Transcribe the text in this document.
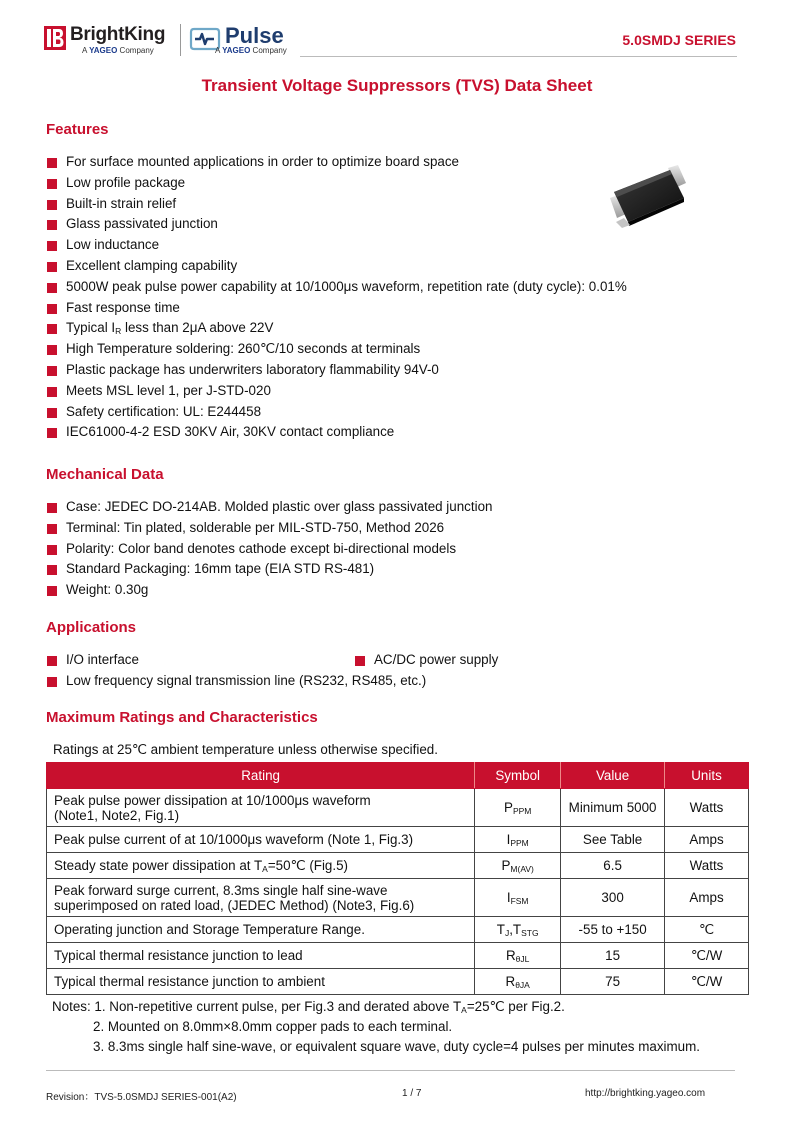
BrightKing
A YAGEO Company
Pulse
A YAGEO Company
5.0SMDJ SERIES
Transient Voltage Suppressors (TVS) Data Sheet
Features
For surface mounted applications in order to optimize board space
Low profile package
Built-in strain relief
Glass passivated junction
Low inductance
Excellent clamping capability
5000W peak pulse power capability at 10/1000μs waveform, repetition rate (duty cycle): 0.01%
Fast response time
Typical $I_R$ less than 2μA above 22V
High Temperature soldering: 260℃/10 seconds at terminals
Plastic package has underwriters laboratory flammability 94V-0
Meets MSL level 1, per J-STD-020
Safety certification: UL: E244458
IEC61000-4-2 ESD 30KV Air, 30KV contact compliance
Mechanical Data
Case: JEDEC DO-214AB. Molded plastic over glass passivated junction
Terminal: Tin plated, solderable per MIL-STD-750, Method 2026
Polarity: Color band denotes cathode except bi-directional models
Standard Packaging: 16mm tape (EIA STD RS-481)
Weight: 0.30g
Applications
I/O interface	AC/DC power supply
Low frequency signal transmission line (RS232, RS485, etc.)
Maximum Ratings and Characteristics
Ratings at 25℃ ambient temperature unless otherwise specified.
Rating	Symbol	Value	Units
Peak pulse power dissipation at 10/1000μs waveform
(Note1, Note2, Fig.1)	$P_{PPM}$	Minimum 5000	Watts
Peak pulse current of at 10/1000μs waveform (Note 1, Fig.3)	$I_{PPM}$	See Table	Amps
Steady state power dissipation at $T_A=50℃$ (Fig.5)	$P_{M(AV)}$	6.5	Watts
Peak forward surge current, 8.3ms single half sine-wave
superimposed on rated load, (JEDEC Method) (Note3, Fig.6)	$I_{FSM}$	300	Amps
Operating junction and Storage Temperature Range.	$T_J,T_{STG}$	-55 to +150	℃
Typical thermal resistance junction to lead	$R_{\theta JL}$	15	℃/W
Typical thermal resistance junction to ambient	$R_{\theta JA}$	75	℃/W
Notes: 1. Non-repetitive current pulse, per Fig.3 and derated above $T_A=25℃$ per Fig.2.
2. Mounted on 8.0mm×8.0mm copper pads to each terminal.
3. 8.3ms single half sine-wave, or equivalent square wave, duty cycle=4 pulses per minutes maximum.
Revision：TVS-5.0SMDJ SERIES-001(A2)	1 / 7	http://brightking.yageo.com
